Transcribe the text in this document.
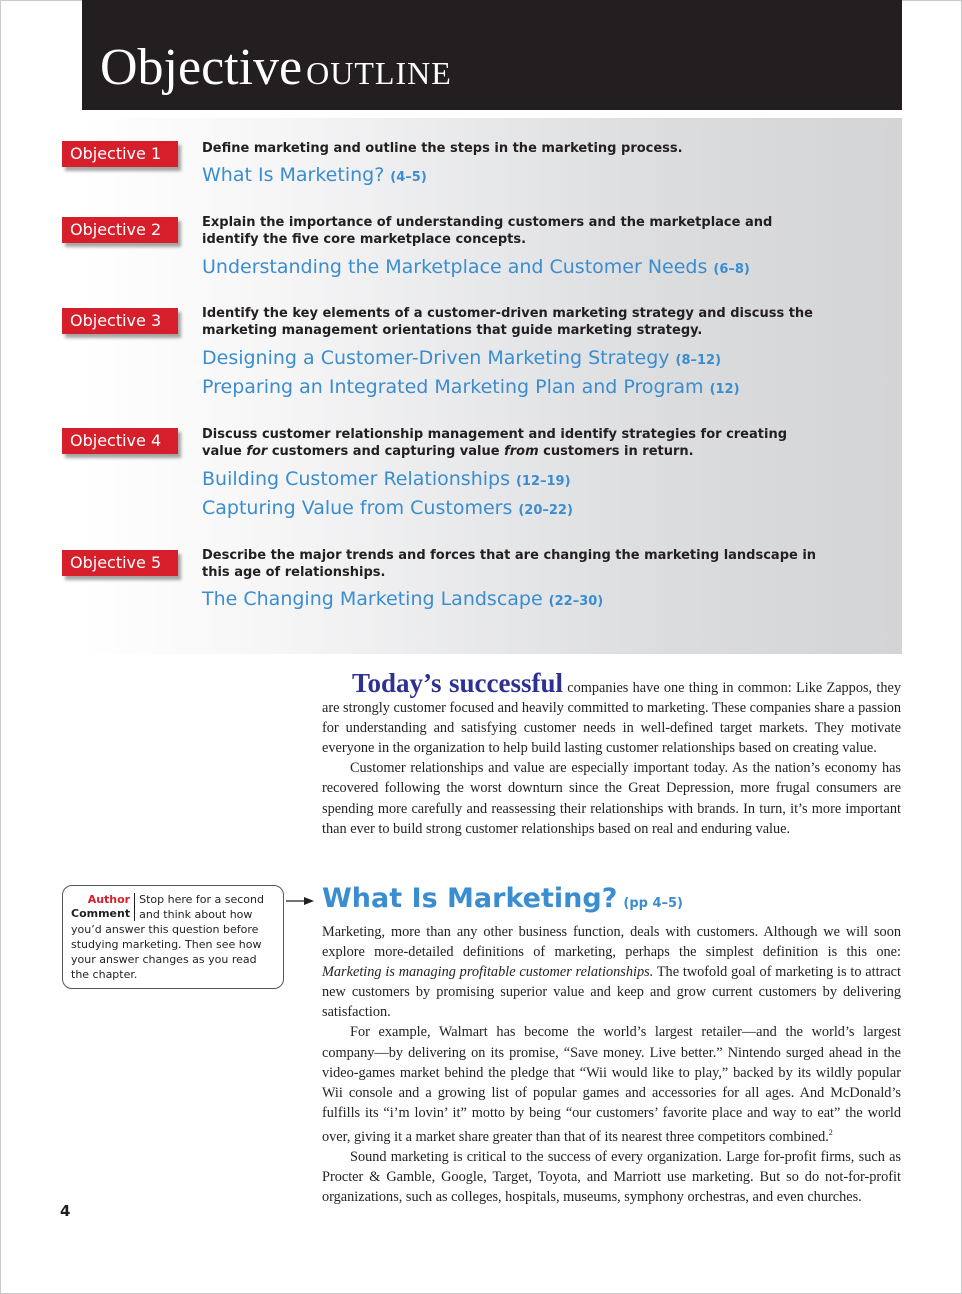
Objective OUTLINE
Objective 1	Define marketing and outline the steps in the marketing process.
What Is Marketing? (4–5)
Objective 2	Explain the importance of understanding customers and the marketplace and identify the five core marketplace concepts.
Understanding the Marketplace and Customer Needs (6–8)
Objective 3	Identify the key elements of a customer-driven marketing strategy and discuss the marketing management orientations that guide marketing strategy.
Designing a Customer-Driven Marketing Strategy (8–12)
Preparing an Integrated Marketing Plan and Program (12)
Objective 4	Discuss customer relationship management and identify strategies for creating value for customers and capturing value from customers in return.
Building Customer Relationships (12–19)
Capturing Value from Customers (20–22)
Objective 5	Describe the major trends and forces that are changing the marketing landscape in this age of relationships.
The Changing Marketing Landscape (22–30)

Today’s successful companies have one thing in common: Like Zappos, they are strongly customer focused and heavily committed to marketing. These companies share a passion for understanding and satisfying customer needs in well-defined target markets. They motivate everyone in the organization to help build lasting customer relationships based on creating value.

Customer relationships and value are especially important today. As the nation’s economy has recovered following the worst downturn since the Great Depression, more frugal consumers are spending more carefully and reassessing their relationships with brands. In turn, it’s more important than ever to build strong customer relationships based on real and enduring value.

Author
Comment
Stop here for a second and think about how you’d answer this question before studying marketing. Then see how your answer changes as you read the chapter.
What Is Marketing? (pp 4–5)

Marketing, more than any other business function, deals with customers. Although we will soon explore more-detailed definitions of marketing, perhaps the simplest definition is this one: Marketing is managing profitable customer relationships. The twofold goal of marketing is to attract new customers by promising superior value and keep and grow current customers by delivering satisfaction.

For example, Walmart has become the world’s largest retailer—and the world’s largest company—by delivering on its promise, “Save money. Live better.” Nintendo surged ahead in the video-games market behind the pledge that “Wii would like to play,” backed by its wildly popular Wii console and a growing list of popular games and accessories for all ages. And McDonald’s fulfills its “i’m lovin’ it” motto by being “our customers’ favorite place and way to eat” the world over, giving it a market share greater than that of its nearest three competitors combined.$^2$

Sound marketing is critical to the success of every organization. Large for-profit firms, such as Procter & Gamble, Google, Target, Toyota, and Marriott use marketing. But so do not-for-profit organizations, such as colleges, hospitals, museums, symphony orchestras, and even churches.

4
